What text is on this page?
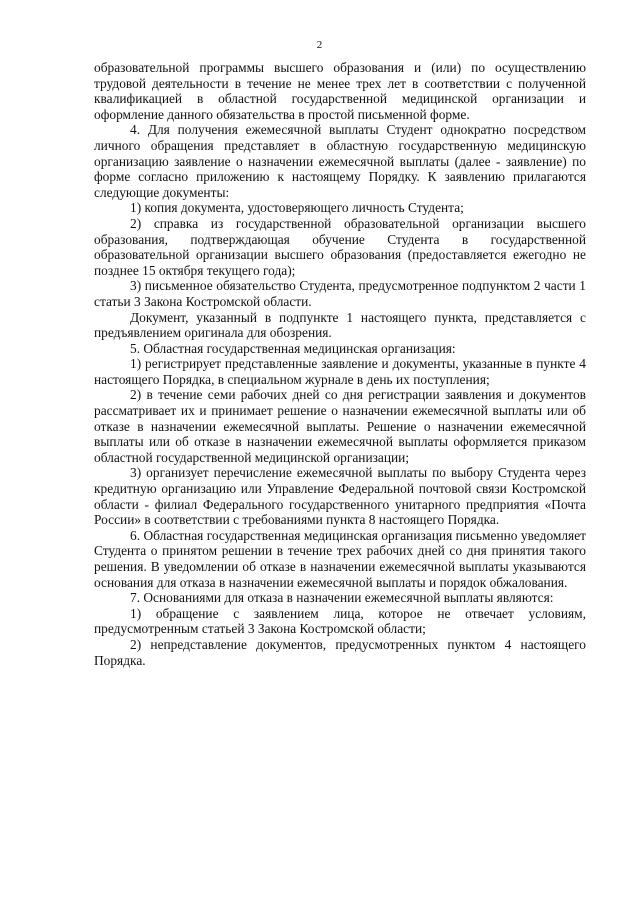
2

образовательной программы высшего образования и (или) по осуществлению трудовой деятельности в течение не менее трех лет в соответствии с полученной квалификацией в областной государственной медицинской организации и оформление данного обязательства в простой письменной форме.

4. Для получения ежемесячной выплаты Студент однократно посредством личного обращения представляет в областную государственную медицинскую организацию заявление о назначении ежемесячной выплаты (далее - заявление) по форме согласно приложению к настоящему Порядку. К заявлению прилагаются следующие документы:

1) копия документа, удостоверяющего личность Студента;

2) справка из государственной образовательной организации высшего образования, подтверждающая обучение Студента в государственной образовательной организации высшего образования (предоставляется ежегодно не позднее 15 октября текущего года);

3) письменное обязательство Студента, предусмотренное подпунктом 2 части 1 статьи 3 Закона Костромской области.

Документ, указанный в подпункте 1 настоящего пункта, представляется с предъявлением оригинала для обозрения.

5. Областная государственная медицинская организация:

1) регистрирует представленные заявление и документы, указанные в пункте 4 настоящего Порядка, в специальном журнале в день их поступления;

2) в течение семи рабочих дней со дня регистрации заявления и документов рассматривает их и принимает решение о назначении ежемесячной выплаты или об отказе в назначении ежемесячной выплаты. Решение о назначении ежемесячной выплаты или об отказе в назначении ежемесячной выплаты оформляется приказом областной государственной медицинской организации;

3) организует перечисление ежемесячной выплаты по выбору Студента через кредитную организацию или Управление Федеральной почтовой связи Костромской области - филиал Федерального государственного унитарного предприятия «Почта России» в соответствии с требованиями пункта 8 настоящего Порядка.

6. Областная государственная медицинская организация письменно уведомляет Студента о принятом решении в течение трех рабочих дней со дня принятия такого решения. В уведомлении об отказе в назначении ежемесячной выплаты указываются основания для отказа в назначении ежемесячной выплаты и порядок обжалования.

7. Основаниями для отказа в назначении ежемесячной выплаты являются:

1) обращение с заявлением лица, которое не отвечает условиям, предусмотренным статьей 3 Закона Костромской области;

2) непредставление документов, предусмотренных пунктом 4 настоящего Порядка.
